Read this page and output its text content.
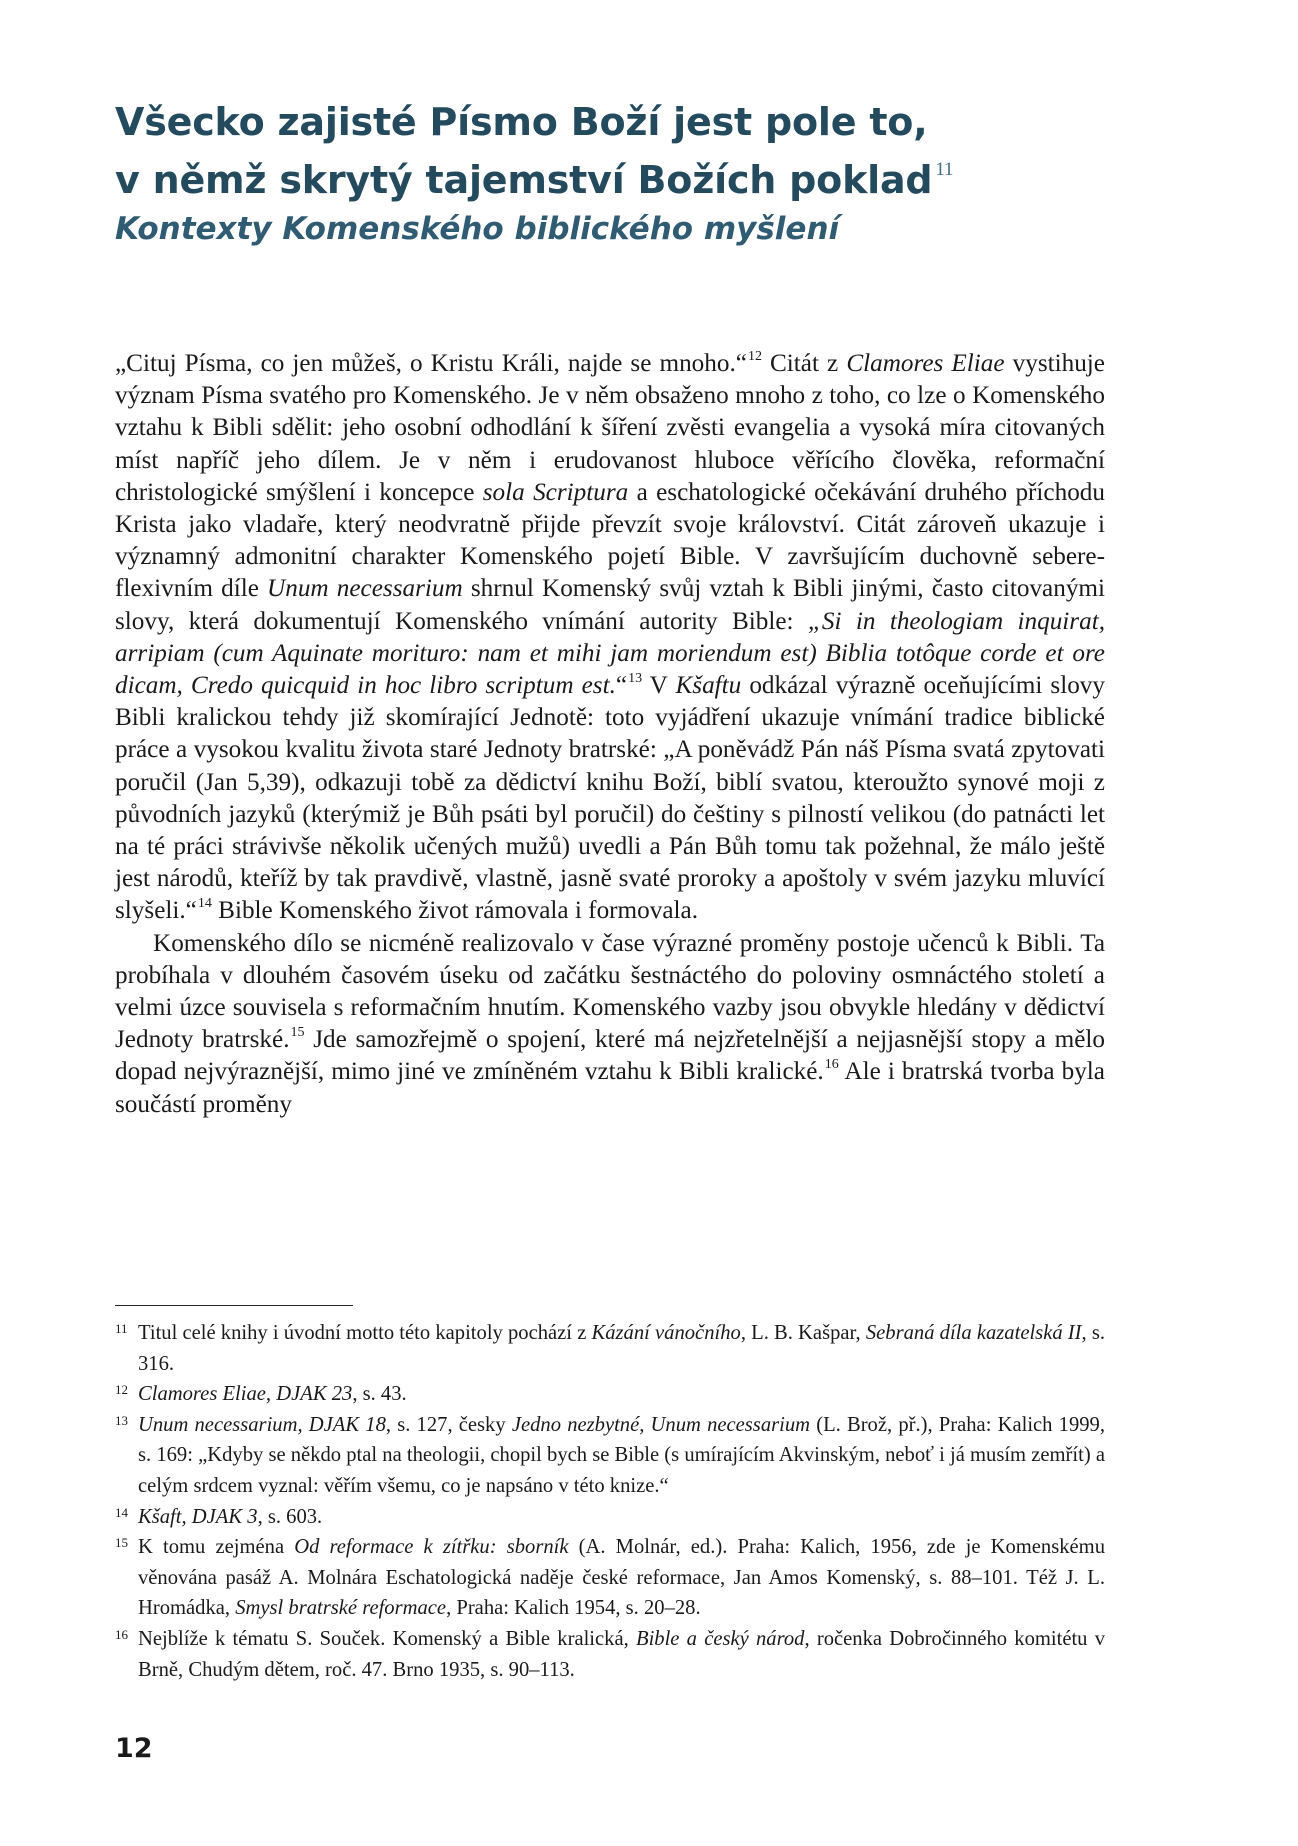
Všecko zajisté Písmo Boží jest pole to,
v němž skrytý tajemství Božích poklad $^{11}$
Kontexty Komenského biblického myšlení

„Cituj Písma, co jen můžeš, o Kristu Králi, najde se mnoho.“$^{12}$ Citát z Clamores Eliae vystihuje význam Písma svatého pro Komenského. Je v něm obsaženo mnoho z toho, co lze o Komenského vztahu k Bibli sdělit: jeho osobní odhodlání k šíření zvěsti evangelia a vysoká míra citovaných míst napříč jeho dílem. Je v něm i erudovanost hluboce věřícího člověka, reformační christologické smýšlení i koncepce sola Scriptura a eschatologické očekávání druhého příchodu Krista jako vladaře, který neodvratně přijde převzít svoje království. Citát zároveň ukazuje i významný admonitní charakter Komenského pojetí Bible. V završujícím duchovně sebereflexivním díle Unum necessarium shrnul Komenský svůj vztah k Bibli jinými, často citovanými slovy, která dokumentují Komenského vnímání autority Bible: „Si in theologiam inquirat, arripiam (cum Aquinate morituro: nam et mihi jam moriendum est) Biblia totôque corde et ore dicam, Credo quicquid in hoc libro scriptum est.“$^{13}$ V Kšaftu odkázal výrazně oceňujícími slovy Bibli kralickou tehdy již skomírající Jednotě: toto vyjádření ukazuje vnímání tradice biblické práce a vysokou kvalitu života staré Jednoty bratrské: „A poněvádž Pán náš Písma svatá zpytovati poručil (Jan 5,39), odkazuji tobě za dědictví knihu Boží, biblí svatou, kteroužto synové moji z původních jazyků (kterýmiž je Bůh psáti byl poručil) do češtiny s pilností velikou (do patnácti let na té práci strávivše několik učených mužů) uvedli a Pán Bůh tomu tak požehnal, že málo ještě jest národů, kteříž by tak pravdivě, vlastně, jasně svaté proroky a apoštoly v svém jazyku mluvící slyšeli.“$^{14}$ Bible Komenského život rámovala i formovala.

Komenského dílo se nicméně realizovalo v čase výrazné proměny postoje učenců k Bibli. Ta probíhala v dlouhém časovém úseku od začátku šestnáctého do poloviny osmnáctého století a velmi úzce souvisela s reformačním hnutím. Komenského vazby jsou obvykle hledány v dědictví Jednoty bratrské.$^{15}$ Jde samozřejmě o spojení, které má nejzřetelnější a nejjasnější stopy a mělo dopad nejvýraznější, mimo jiné ve zmíněném vztahu k Bibli kralické.$^{16}$ Ale i bratrská tvorba byla součástí proměny

11 Titul celé knihy i úvodní motto této kapitoly pochází z Kázání vánočního, L. B. Kašpar, Sebraná díla kazatelská II, s. 316.
12 Clamores Eliae, DJAK 23, s. 43.
13 Unum necessarium, DJAK 18, s. 127, česky Jedno nezbytné, Unum necessarium (L. Brož, př.), Praha: Kalich 1999, s. 169: „Kdyby se někdo ptal na theologii, chopil bych se Bible (s umírajícím Akvinským, neboť i já musím zemřít) a celým srdcem vyznal: věřím všemu, co je napsáno v této knize.“
14 Kšaft, DJAK 3, s. 603.
15 K tomu zejména Od reformace k zítřku: sborník (A. Molnár, ed.). Praha: Kalich, 1956, zde je Komenskému věnována pasáž A. Molnára Eschatologická naděje české reformace, Jan Amos Komenský, s. 88–101. Též J. L. Hromádka, Smysl bratrské reformace, Praha: Kalich 1954, s. 20–28.
16 Nejblíže k tématu S. Souček. Komenský a Bible kralická, Bible a český národ, ročenka Dobročinného komitétu v Brně, Chudým dětem, roč. 47. Brno 1935, s. 90–113.
12
